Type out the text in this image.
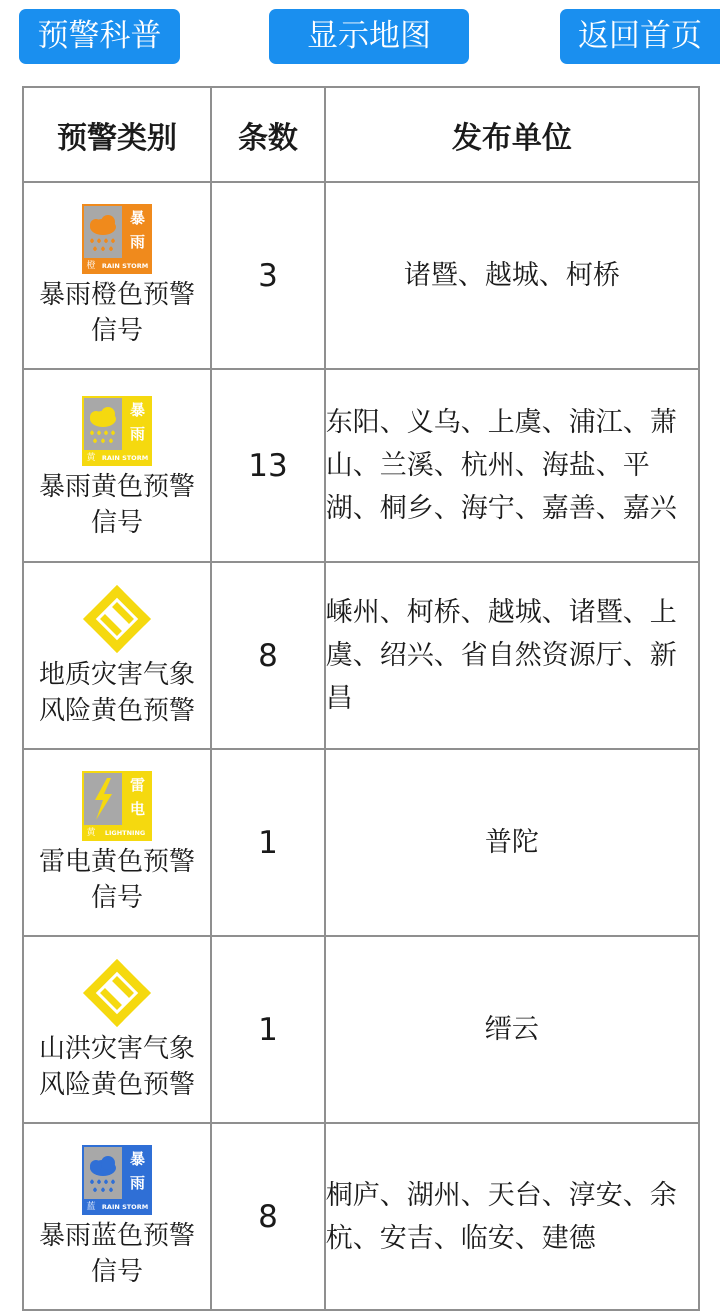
预警科普	显示地图	返回首页
预警类别	条数	发布单位

暴
雨
橙 RAIN STORM
暴雨橙色预警信号	3	诸暨、越城、柯桥

暴
雨
黄 RAIN STORM
暴雨黄色预警信号	13	东阳、义乌、上虞、浦江、萧山、兰溪、杭州、海盐、平湖、桐乡、海宁、嘉善、嘉兴

地质灾害气象风险黄色预警	8	嵊州、柯桥、越城、诸暨、上虞、绍兴、省自然资源厅、新昌

雷
电
黄 LIGHTNING
雷电黄色预警信号	1	普陀

山洪灾害气象风险黄色预警	1	缙云

暴
雨
蓝 RAIN STORM
暴雨蓝色预警信号	8	桐庐、湖州、天台、淳安、余杭、安吉、临安、建德
